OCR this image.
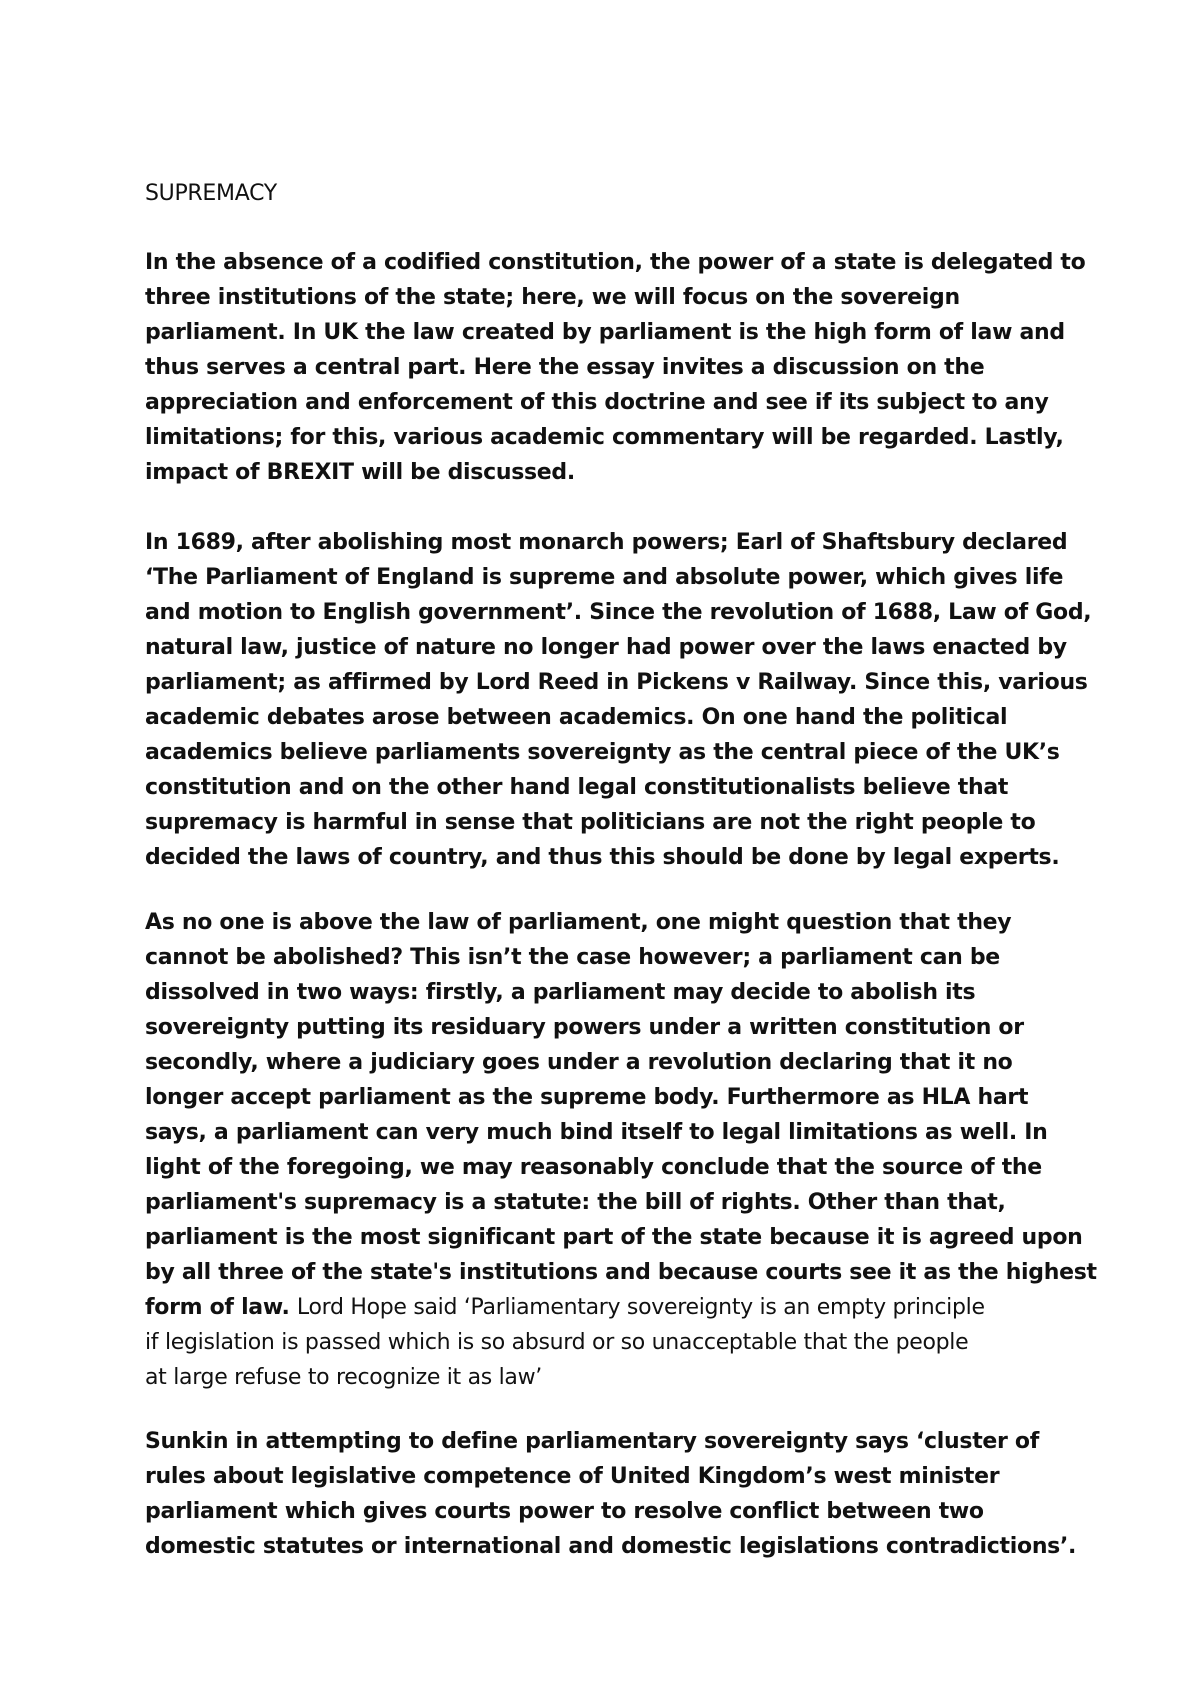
SUPREMACY
In the absence of a codified constitution, the power of a state is delegated to
three institutions of the state; here, we will focus on the sovereign
parliament. In UK the law created by parliament is the high form of law and
thus serves a central part. Here the essay invites a discussion on the
appreciation and enforcement of this doctrine and see if its subject to any
limitations; for this, various academic commentary will be regarded. Lastly,
impact of BREXIT will be discussed.
In 1689, after abolishing most monarch powers; Earl of Shaftsbury declared
‘The Parliament of England is supreme and absolute power, which gives life
and motion to English government’. Since the revolution of 1688, Law of God,
natural law, justice of nature no longer had power over the laws enacted by
parliament; as affirmed by Lord Reed in Pickens v Railway. Since this, various
academic debates arose between academics. On one hand the political
academics believe parliaments sovereignty as the central piece of the UK’s
constitution and on the other hand legal constitutionalists believe that
supremacy is harmful in sense that politicians are not the right people to
decided the laws of country, and thus this should be done by legal experts.
As no one is above the law of parliament, one might question that they
cannot be abolished? This isn’t the case however; a parliament can be
dissolved in two ways: firstly, a parliament may decide to abolish its
sovereignty putting its residuary powers under a written constitution or
secondly, where a judiciary goes under a revolution declaring that it no
longer accept parliament as the supreme body. Furthermore as HLA hart
says, a parliament can very much bind itself to legal limitations as well. In
light of the foregoing, we may reasonably conclude that the source of the
parliament's supremacy is a statute: the bill of rights. Other than that,
parliament is the most significant part of the state because it is agreed upon
by all three of the state's institutions and because courts see it as the highest
form of law. Lord Hope said ‘Parliamentary sovereignty is an empty principle
if legislation is passed which is so absurd or so unacceptable that the people
at large refuse to recognize it as law’
Sunkin in attempting to define parliamentary sovereignty says ‘cluster of
rules about legislative competence of United Kingdom’s west minister
parliament which gives courts power to resolve conflict between two
domestic statutes or international and domestic legislations contradictions’.
